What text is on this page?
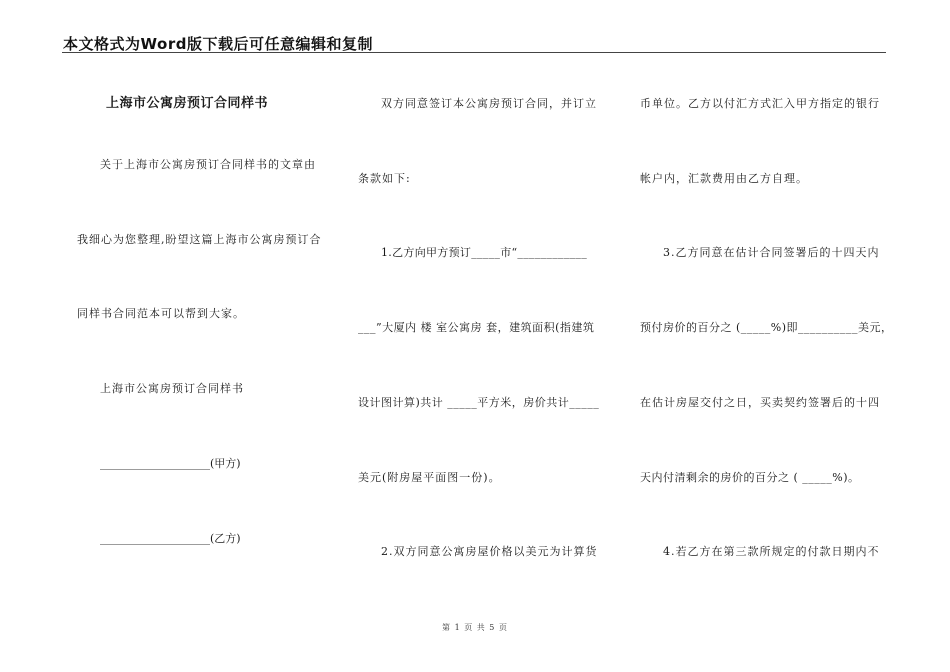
本文格式为Word版下载后可任意编辑和复制
上海市公寓房预订合同样书
关于上海市公寓房预订合同样书的文章由
我细心为您整理,盼望这篇上海市公寓房预订合
同样书合同范本可以帮到大家。
上海市公寓房预订合同样书
____________________(甲方)
____________________(乙方)
双方同意签订本公寓房预订合同，并订立
条款如下:
1.乙方向甲方预订_____市“____________
___”大厦内 楼 室公寓房 套，建筑面积(指建筑
设计图计算)共计 _____平方米，房价共计_____
美元(附房屋平面图一份)。
2.双方同意公寓房屋价格以美元为计算货
币单位。乙方以付汇方式汇入甲方指定的银行
帐户内，汇款费用由乙方自理。
3.乙方同意在估计合同签署后的十四天内
预付房价的百分之 (_____%)即__________美元，
在估计房屋交付之日，买卖契约签署后的十四
天内付清剩余的房价的百分之 ( _____%)。
4.若乙方在第三款所规定的付款日期内不
第 1 页 共 5 页
